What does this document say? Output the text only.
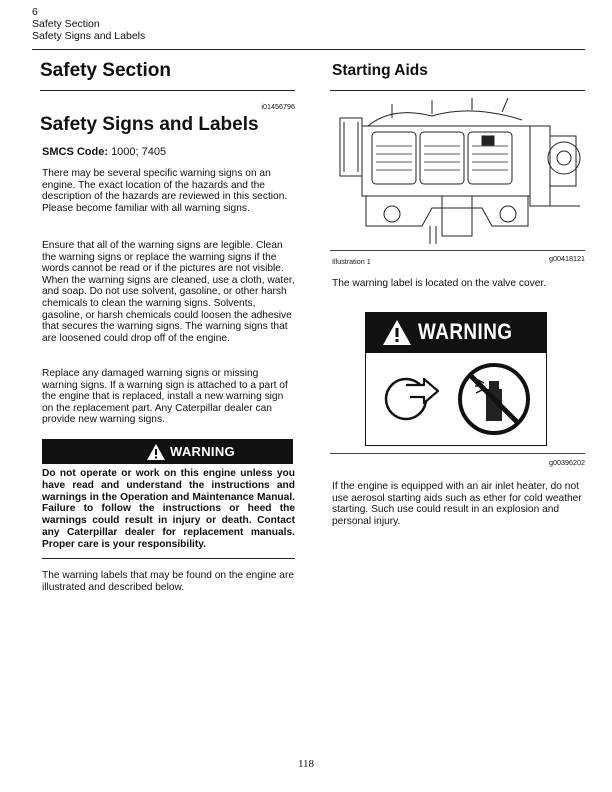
6
Safety Section
Safety Signs and Labels
Safety Section
i01456796
Safety Signs and Labels
SMCS Code: 1000; 7405
There may be several specific warning signs on an engine. The exact location of the hazards and the description of the hazards are reviewed in this section. Please become familiar with all warning signs.
Ensure that all of the warning signs are legible. Clean the warning signs or replace the warning signs if the words cannot be read or if the pictures are not visible. When the warning signs are cleaned, use a cloth, water, and soap. Do not use solvent, gasoline, or other harsh chemicals to clean the warning signs. Solvents, gasoline, or harsh chemicals could loosen the adhesive that secures the warning signs. The warning signs that are loosened could drop off of the engine.
Replace any damaged warning signs or missing warning signs. If a warning sign is attached to a part of the engine that is replaced, install a new warning sign on the replacement part. Any Caterpillar dealer can provide new warning signs.
WARNING
Do not operate or work on this engine unless you have read and understand the instructions and warnings in the Operation and Maintenance Manual. Failure to follow the instructions or heed the warnings could result in injury or death. Contact any Caterpillar dealer for replacement manuals. Proper care is your responsibility.
The warning labels that may be found on the engine are illustrated and described below.
Starting Aids
Illustration 1	g00418121
The warning label is located on the valve cover.
WARNING
g00396202
If the engine is equipped with an air inlet heater, do not use aerosol starting aids such as ether for cold weather starting. Such use could result in an explosion and personal injury.
118
